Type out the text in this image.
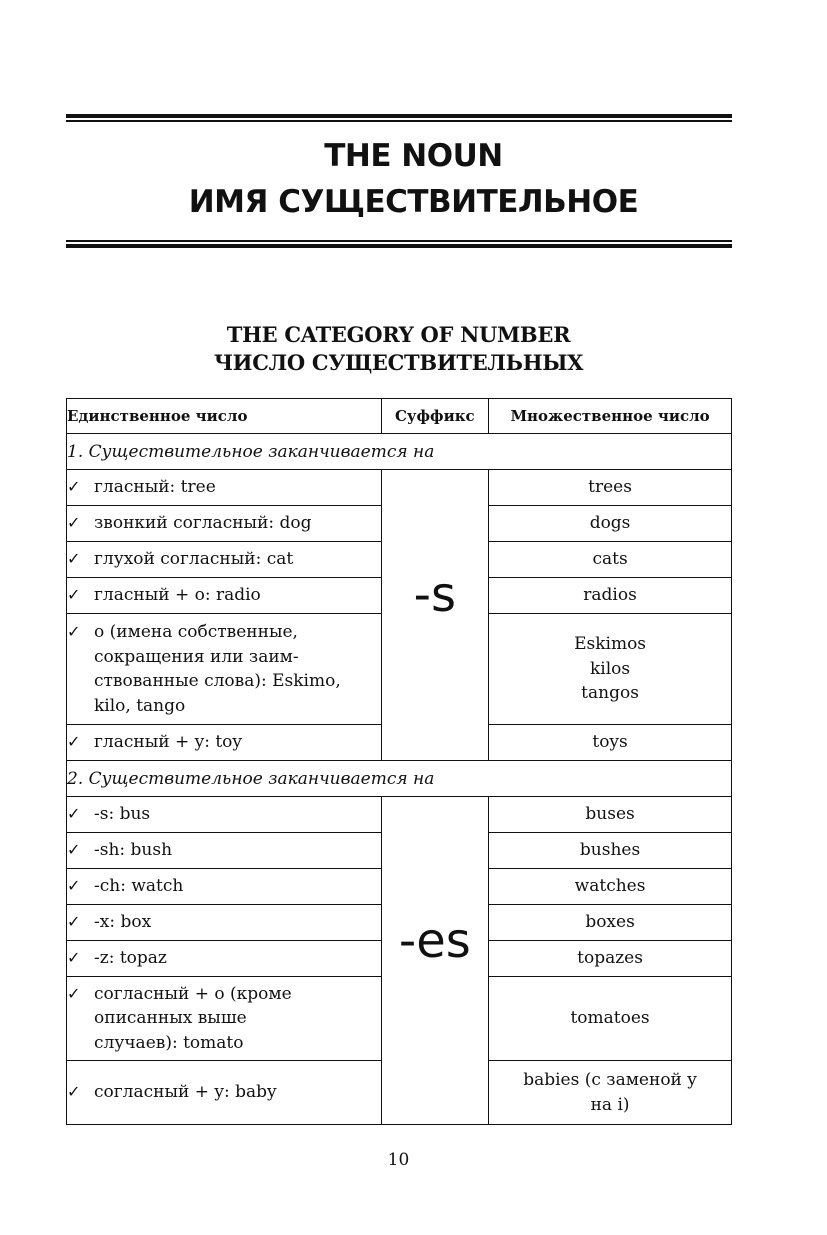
THE NOUN
ИМЯ СУЩЕСТВИТЕЛЬНОЕ
THE CATEGORY OF NUMBER
ЧИСЛО СУЩЕСТВИТЕЛЬНЫХ
Единственное число	Суффикс	Множественное число
1. Существительное заканчивается на		

✓ гласный: tree	-s	trees

✓ звонкий согласный: dog		dogs

✓ глухой согласный: cat		cats

✓ гласный + о: radio		radios

✓ о (имена собственные, сокращения или заим-ствованные слова): Eskimo, kilo, tango		Eskimos kilos tangos

✓ гласный + y: toy		toys
2. Существительное заканчивается на		

✓ -s: bus	-es	buses

✓ -sh: bush		bushes

✓ -ch: watch		watches

✓ -x: box		boxes

✓ -z: topaz		topazes

✓ согласный + о (кроме описанных выше случаев): tomato		tomatoes

✓ согласный + y: baby		babies (с заменой y на i)
10
